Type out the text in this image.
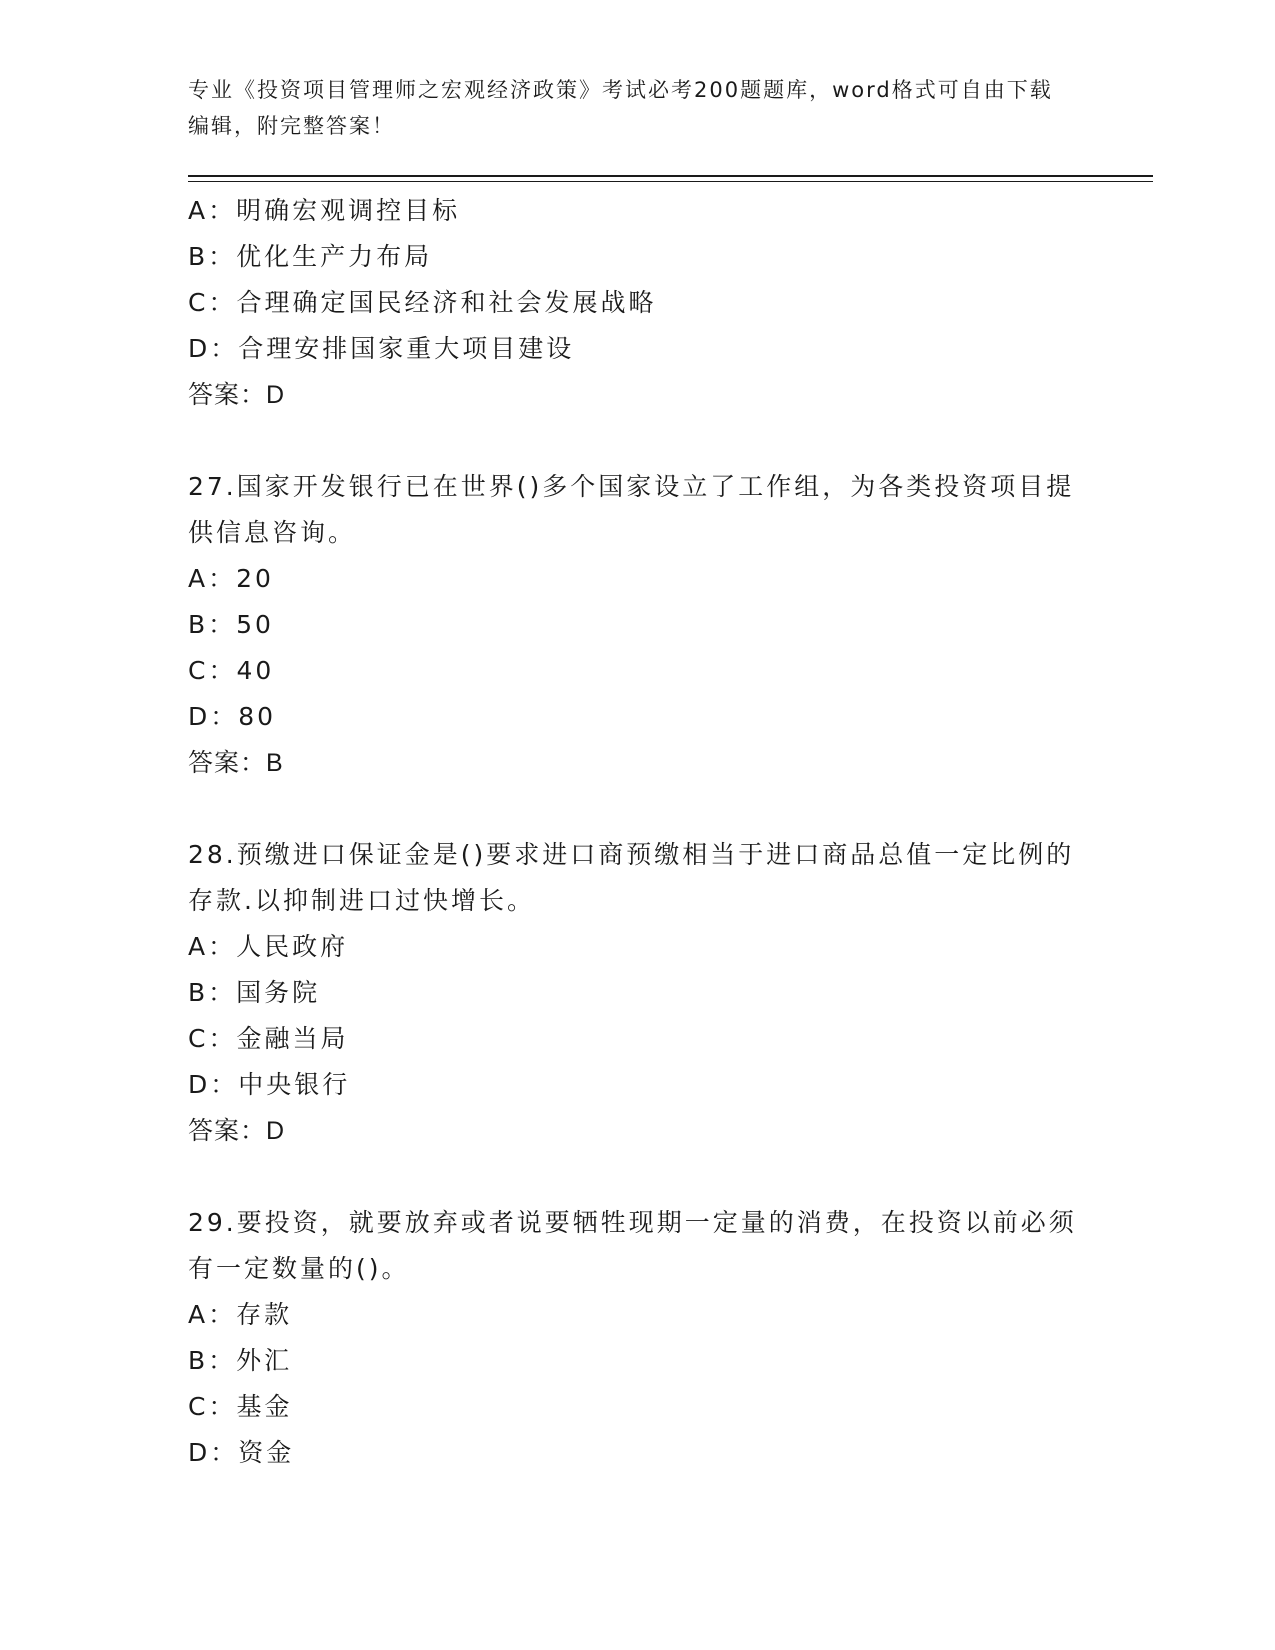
专业《投资项目管理师之宏观经济政策》考试必考200题题库，word格式可自由下载编辑，附完整答案！
A：明确宏观调控目标
B：优化生产力布局
C：合理确定国民经济和社会发展战略
D：合理安排国家重大项目建设
答案：D
27.国家开发银行已在世界()多个国家设立了工作组，为各类投资项目提供信息咨询。
A：20
B：50
C：40
D：80
答案：B
28.预缴进口保证金是()要求进口商预缴相当于进口商品总值一定比例的存款.以抑制进口过快增长。
A：人民政府
B：国务院
C：金融当局
D：中央银行
答案：D
29.要投资，就要放弃或者说要牺牲现期一定量的消费，在投资以前必须有一定数量的()。
A：存款
B：外汇
C：基金
D：资金
